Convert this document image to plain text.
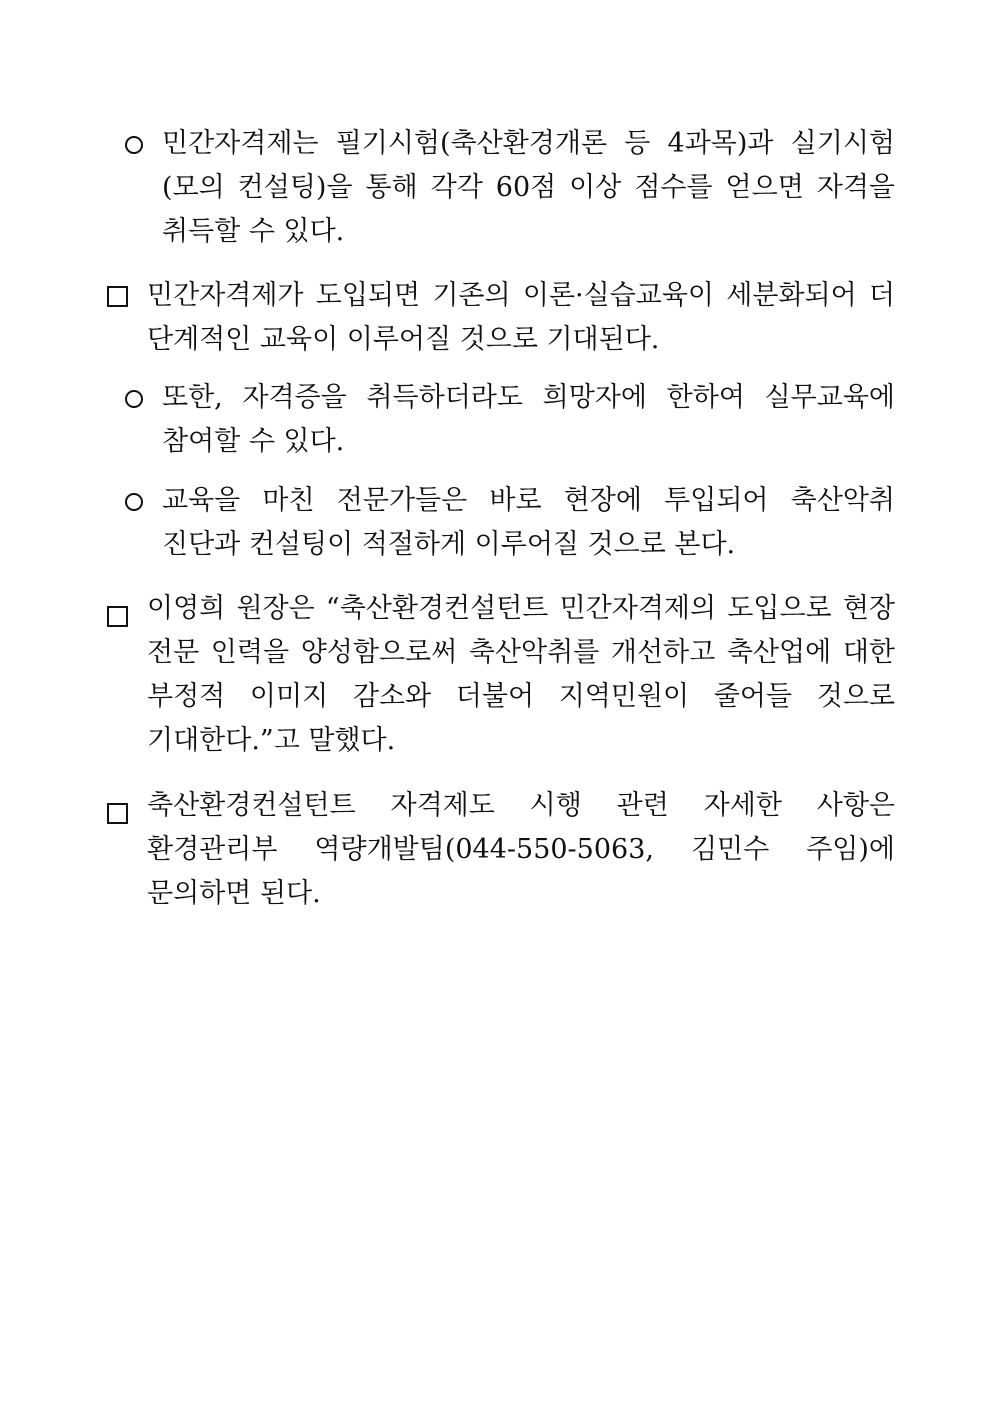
민간자격제는 필기시험(축산환경개론 등 4과목)과 실기시험(모의 컨설팅)을 통해 각각 60점 이상 점수를 얻으면 자격을 취득할 수 있다.
민간자격제가 도입되면 기존의 이론·실습교육이 세분화되어 더 단계적인 교육이 이루어질 것으로 기대된다.
또한, 자격증을 취득하더라도 희망자에 한하여 실무교육에 참여할 수 있다.
교육을 마친 전문가들은 바로 현장에 투입되어 축산악취 진단과 컨설팅이 적절하게 이루어질 것으로 본다.
이영희 원장은 “축산환경컨설턴트 민간자격제의 도입으로 현장 전문 인력을 양성함으로써 축산악취를 개선하고 축산업에 대한 부정적 이미지 감소와 더불어 지역민원이 줄어들 것으로 기대한다.”고 말했다.
축산환경컨설턴트 자격제도 시행 관련 자세한 사항은 환경관리부 역량개발팀(044-550-5063, 김민수 주임)에 문의하면 된다.
